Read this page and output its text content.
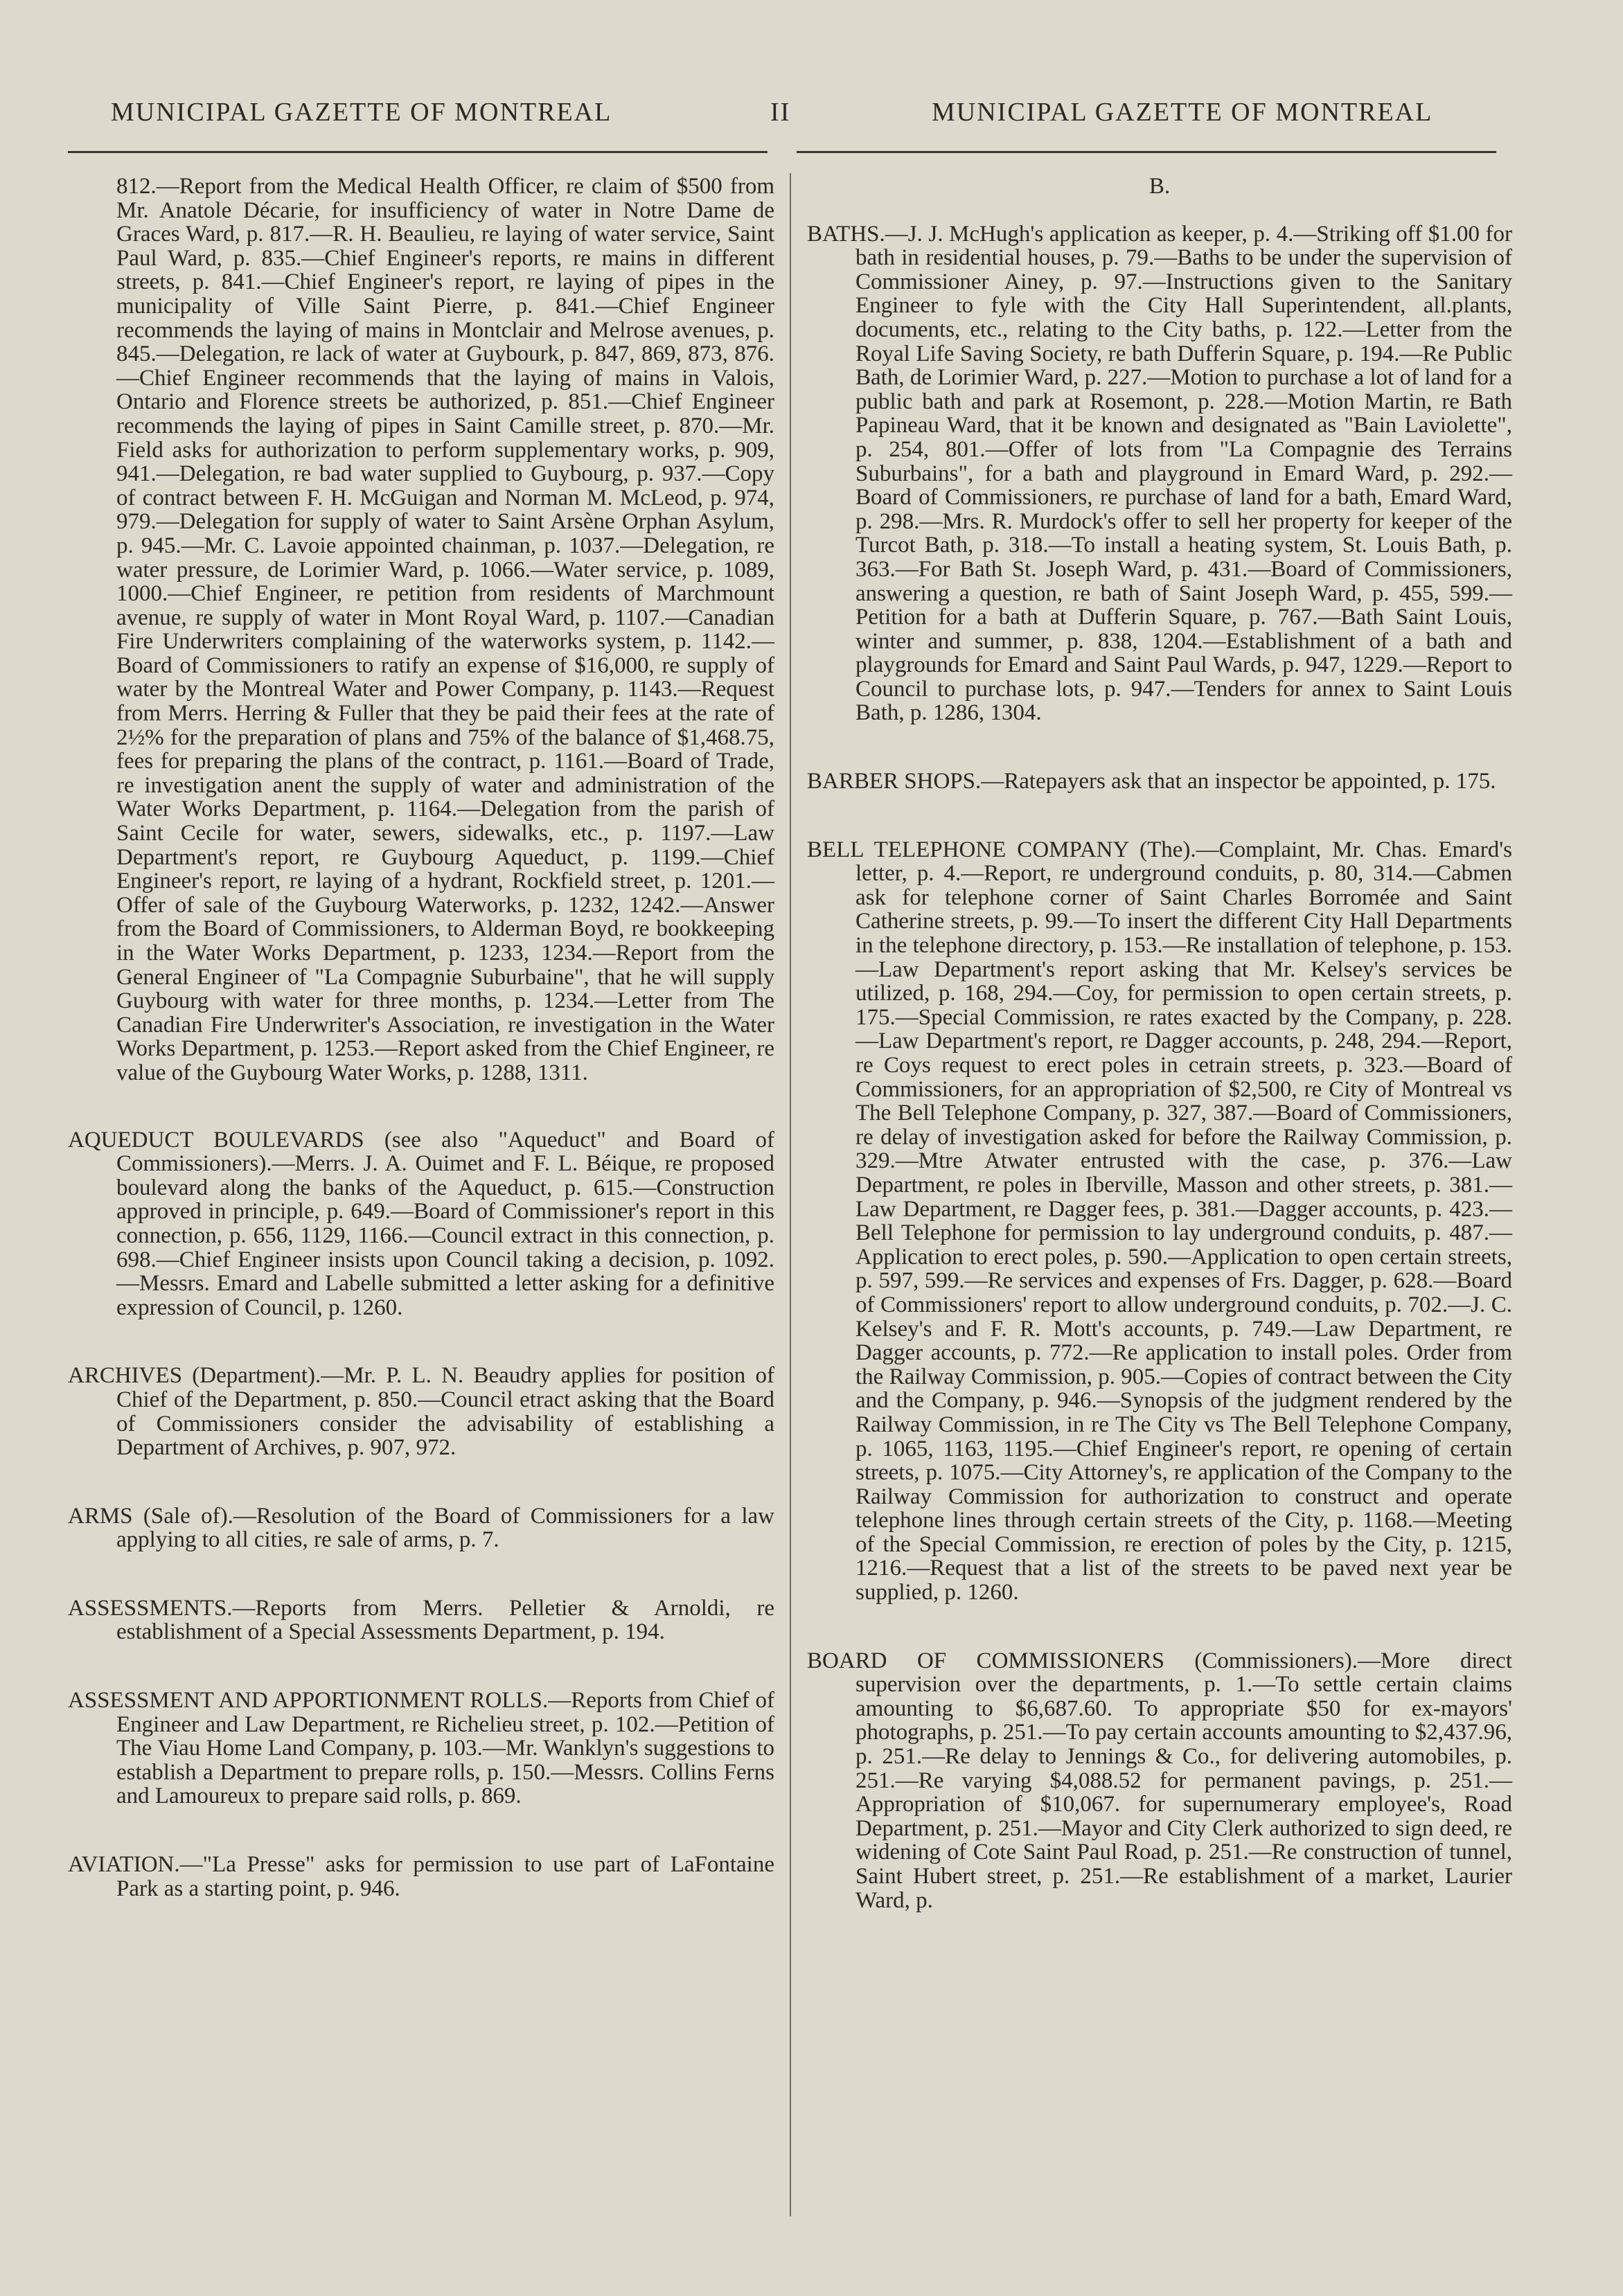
MUNICIPAL GAZETTE OF MONTREAL	II	MUNICIPAL GAZETTE OF MONTREAL
812.—Report from the Medical Health Officer, re claim of $500 from Mr. Anatole Décarie, for insufficiency of water in Notre Dame de Graces Ward, p. 817.—R. H. Beaulieu, re laying of water service, Saint Paul Ward, p. 835.—Chief Engineer's reports, re mains in different streets, p. 841.—Chief Engineer's report, re laying of pipes in the municipality of Ville Saint Pierre, p. 841.—Chief Engineer recommends the laying of mains in Montclair and Melrose avenues, p. 845.—Delegation, re lack of water at Guybourk, p. 847, 869, 873, 876.—Chief Engineer recommends that the laying of mains in Valois, Ontario and Florence streets be authorized, p. 851.—Chief Engineer recommends the laying of pipes in Saint Camille street, p. 870.—Mr. Field asks for authorization to perform supplementary works, p. 909, 941.—Delegation, re bad water supplied to Guybourg, p. 937.—Copy of contract between F. H. McGuigan and Norman M. McLeod, p. 974, 979.—Delegation for supply of water to Saint Arsène Orphan Asylum, p. 945.—Mr. C. Lavoie appointed chainman, p. 1037.—Delegation, re water pressure, de Lorimier Ward, p. 1066.—Water service, p. 1089, 1000.—Chief Engineer, re petition from residents of Marchmount avenue, re supply of water in Mont Royal Ward, p. 1107.—Canadian Fire Underwriters complaining of the waterworks system, p. 1142.—Board of Commissioners to ratify an expense of $16,000, re supply of water by the Montreal Water and Power Company, p. 1143.—Request from Merrs. Herring & Fuller that they be paid their fees at the rate of 2½% for the preparation of plans and 75% of the balance of $1,468.75, fees for preparing the plans of the contract, p. 1161.—Board of Trade, re investigation anent the supply of water and administration of the Water Works Department, p. 1164.—Delegation from the parish of Saint Cecile for water, sewers, sidewalks, etc., p. 1197.—Law Department's report, re Guybourg Aqueduct, p. 1199.—Chief Engineer's report, re laying of a hydrant, Rockfield street, p. 1201.—Offer of sale of the Guybourg Waterworks, p. 1232, 1242.—Answer from the Board of Commissioners, to Alderman Boyd, re bookkeeping in the Water Works Department, p. 1233, 1234.—Report from the General Engineer of "La Compagnie Suburbaine", that he will supply Guybourg with water for three months, p. 1234.—Letter from The Canadian Fire Underwriter's Association, re investigation in the Water Works Department, p. 1253.—Report asked from the Chief Engineer, re value of the Guybourg Water Works, p. 1288, 1311.
AQUEDUCT BOULEVARDS (see also "Aqueduct" and Board of Commissioners).—Merrs. J. A. Ouimet and F. L. Béique, re proposed boulevard along the banks of the Aqueduct, p. 615.—Construction approved in principle, p. 649.—Board of Commissioner's report in this connection, p. 656, 1129, 1166.—Council extract in this connection, p. 698.—Chief Engineer insists upon Council taking a decision, p. 1092.—Messrs. Emard and Labelle submitted a letter asking for a definitive expression of Council, p. 1260.
ARCHIVES (Department).—Mr. P. L. N. Beaudry applies for position of Chief of the Department, p. 850.—Council etract asking that the Board of Commissioners consider the advisability of establishing a Department of Archives, p. 907, 972.
ARMS (Sale of).—Resolution of the Board of Commissioners for a law applying to all cities, re sale of arms, p. 7.
ASSESSMENTS.—Reports from Merrs. Pelletier & Arnoldi, re establishment of a Special Assessments Department, p. 194.
ASSESSMENT AND APPORTIONMENT ROLLS.—Reports from Chief of Engineer and Law Department, re Richelieu street, p. 102.—Petition of The Viau Home Land Company, p. 103.—Mr. Wanklyn's suggestions to establish a Department to prepare rolls, p. 150.—Messrs. Collins Ferns and Lamoureux to prepare said rolls, p. 869.
AVIATION.—"La Presse" asks for permission to use part of LaFontaine Park as a starting point, p. 946.
B.
BATHS.—J. J. McHugh's application as keeper, p. 4.—Striking off $1.00 for bath in residential houses, p. 79.—Baths to be under the supervision of Commissioner Ainey, p. 97.—Instructions given to the Sanitary Engineer to fyle with the City Hall Superintendent, all.plants, documents, etc., relating to the City baths, p. 122.—Letter from the Royal Life Saving Society, re bath Dufferin Square, p. 194.—Re Public Bath, de Lorimier Ward, p. 227.—Motion to purchase a lot of land for a public bath and park at Rosemont, p. 228.—Motion Martin, re Bath Papineau Ward, that it be known and designated as "Bain Laviolette", p. 254, 801.—Offer of lots from "La Compagnie des Terrains Suburbains", for a bath and playground in Emard Ward, p. 292.—Board of Commissioners, re purchase of land for a bath, Emard Ward, p. 298.—Mrs. R. Murdock's offer to sell her property for keeper of the Turcot Bath, p. 318.—To install a heating system, St. Louis Bath, p. 363.—For Bath St. Joseph Ward, p. 431.—Board of Commissioners, answering a question, re bath of Saint Joseph Ward, p. 455, 599.—Petition for a bath at Dufferin Square, p. 767.—Bath Saint Louis, winter and summer, p. 838, 1204.—Establishment of a bath and playgrounds for Emard and Saint Paul Wards, p. 947, 1229.—Report to Council to purchase lots, p. 947.—Tenders for annex to Saint Louis Bath, p. 1286, 1304.
BARBER SHOPS.—Ratepayers ask that an inspector be appointed, p. 175.
BELL TELEPHONE COMPANY (The).—Complaint, Mr. Chas. Emard's letter, p. 4.—Report, re underground conduits, p. 80, 314.—Cabmen ask for telephone corner of Saint Charles Borromée and Saint Catherine streets, p. 99.—To insert the different City Hall Departments in the telephone directory, p. 153.—Re installation of telephone, p. 153.—Law Department's report asking that Mr. Kelsey's services be utilized, p. 168, 294.—Coy, for permission to open certain streets, p. 175.—Special Commission, re rates exacted by the Company, p. 228.—Law Department's report, re Dagger accounts, p. 248, 294.—Report, re Coys request to erect poles in cetrain streets, p. 323.—Board of Commissioners, for an appropriation of $2,500, re City of Montreal vs The Bell Telephone Company, p. 327, 387.—Board of Commissioners, re delay of investigation asked for before the Railway Commission, p. 329.—Mtre Atwater entrusted with the case, p. 376.—Law Department, re poles in Iberville, Masson and other streets, p. 381.—Law Department, re Dagger fees, p. 381.—Dagger accounts, p. 423.—Bell Telephone for permission to lay underground conduits, p. 487.—Application to erect poles, p. 590.—Application to open certain streets, p. 597, 599.—Re services and expenses of Frs. Dagger, p. 628.—Board of Commissioners' report to allow underground conduits, p. 702.—J. C. Kelsey's and F. R. Mott's accounts, p. 749.—Law Department, re Dagger accounts, p. 772.—Re application to install poles. Order from the Railway Commission, p. 905.—Copies of contract between the City and the Company, p. 946.—Synopsis of the judgment rendered by the Railway Commission, in re The City vs The Bell Telephone Company, p. 1065, 1163, 1195.—Chief Engineer's report, re opening of certain streets, p. 1075.—City Attorney's, re application of the Company to the Railway Commission for authorization to construct and operate telephone lines through certain streets of the City, p. 1168.—Meeting of the Special Commission, re erection of poles by the City, p. 1215, 1216.—Request that a list of the streets to be paved next year be supplied, p. 1260.
BOARD OF COMMISSIONERS (Commissioners).—More direct supervision over the departments, p. 1.—To settle certain claims amounting to $6,687.60. To appropriate $50 for ex-mayors' photographs, p. 251.—To pay certain accounts amounting to $2,437.96, p. 251.—Re delay to Jennings & Co., for delivering automobiles, p. 251.—Re varying $4,088.52 for permanent pavings, p. 251.—Appropriation of $10,067. for supernumerary employee's, Road Department, p. 251.—Mayor and City Clerk authorized to sign deed, re widening of Cote Saint Paul Road, p. 251.—Re construction of tunnel, Saint Hubert street, p. 251.—Re establishment of a market, Laurier Ward, p.
